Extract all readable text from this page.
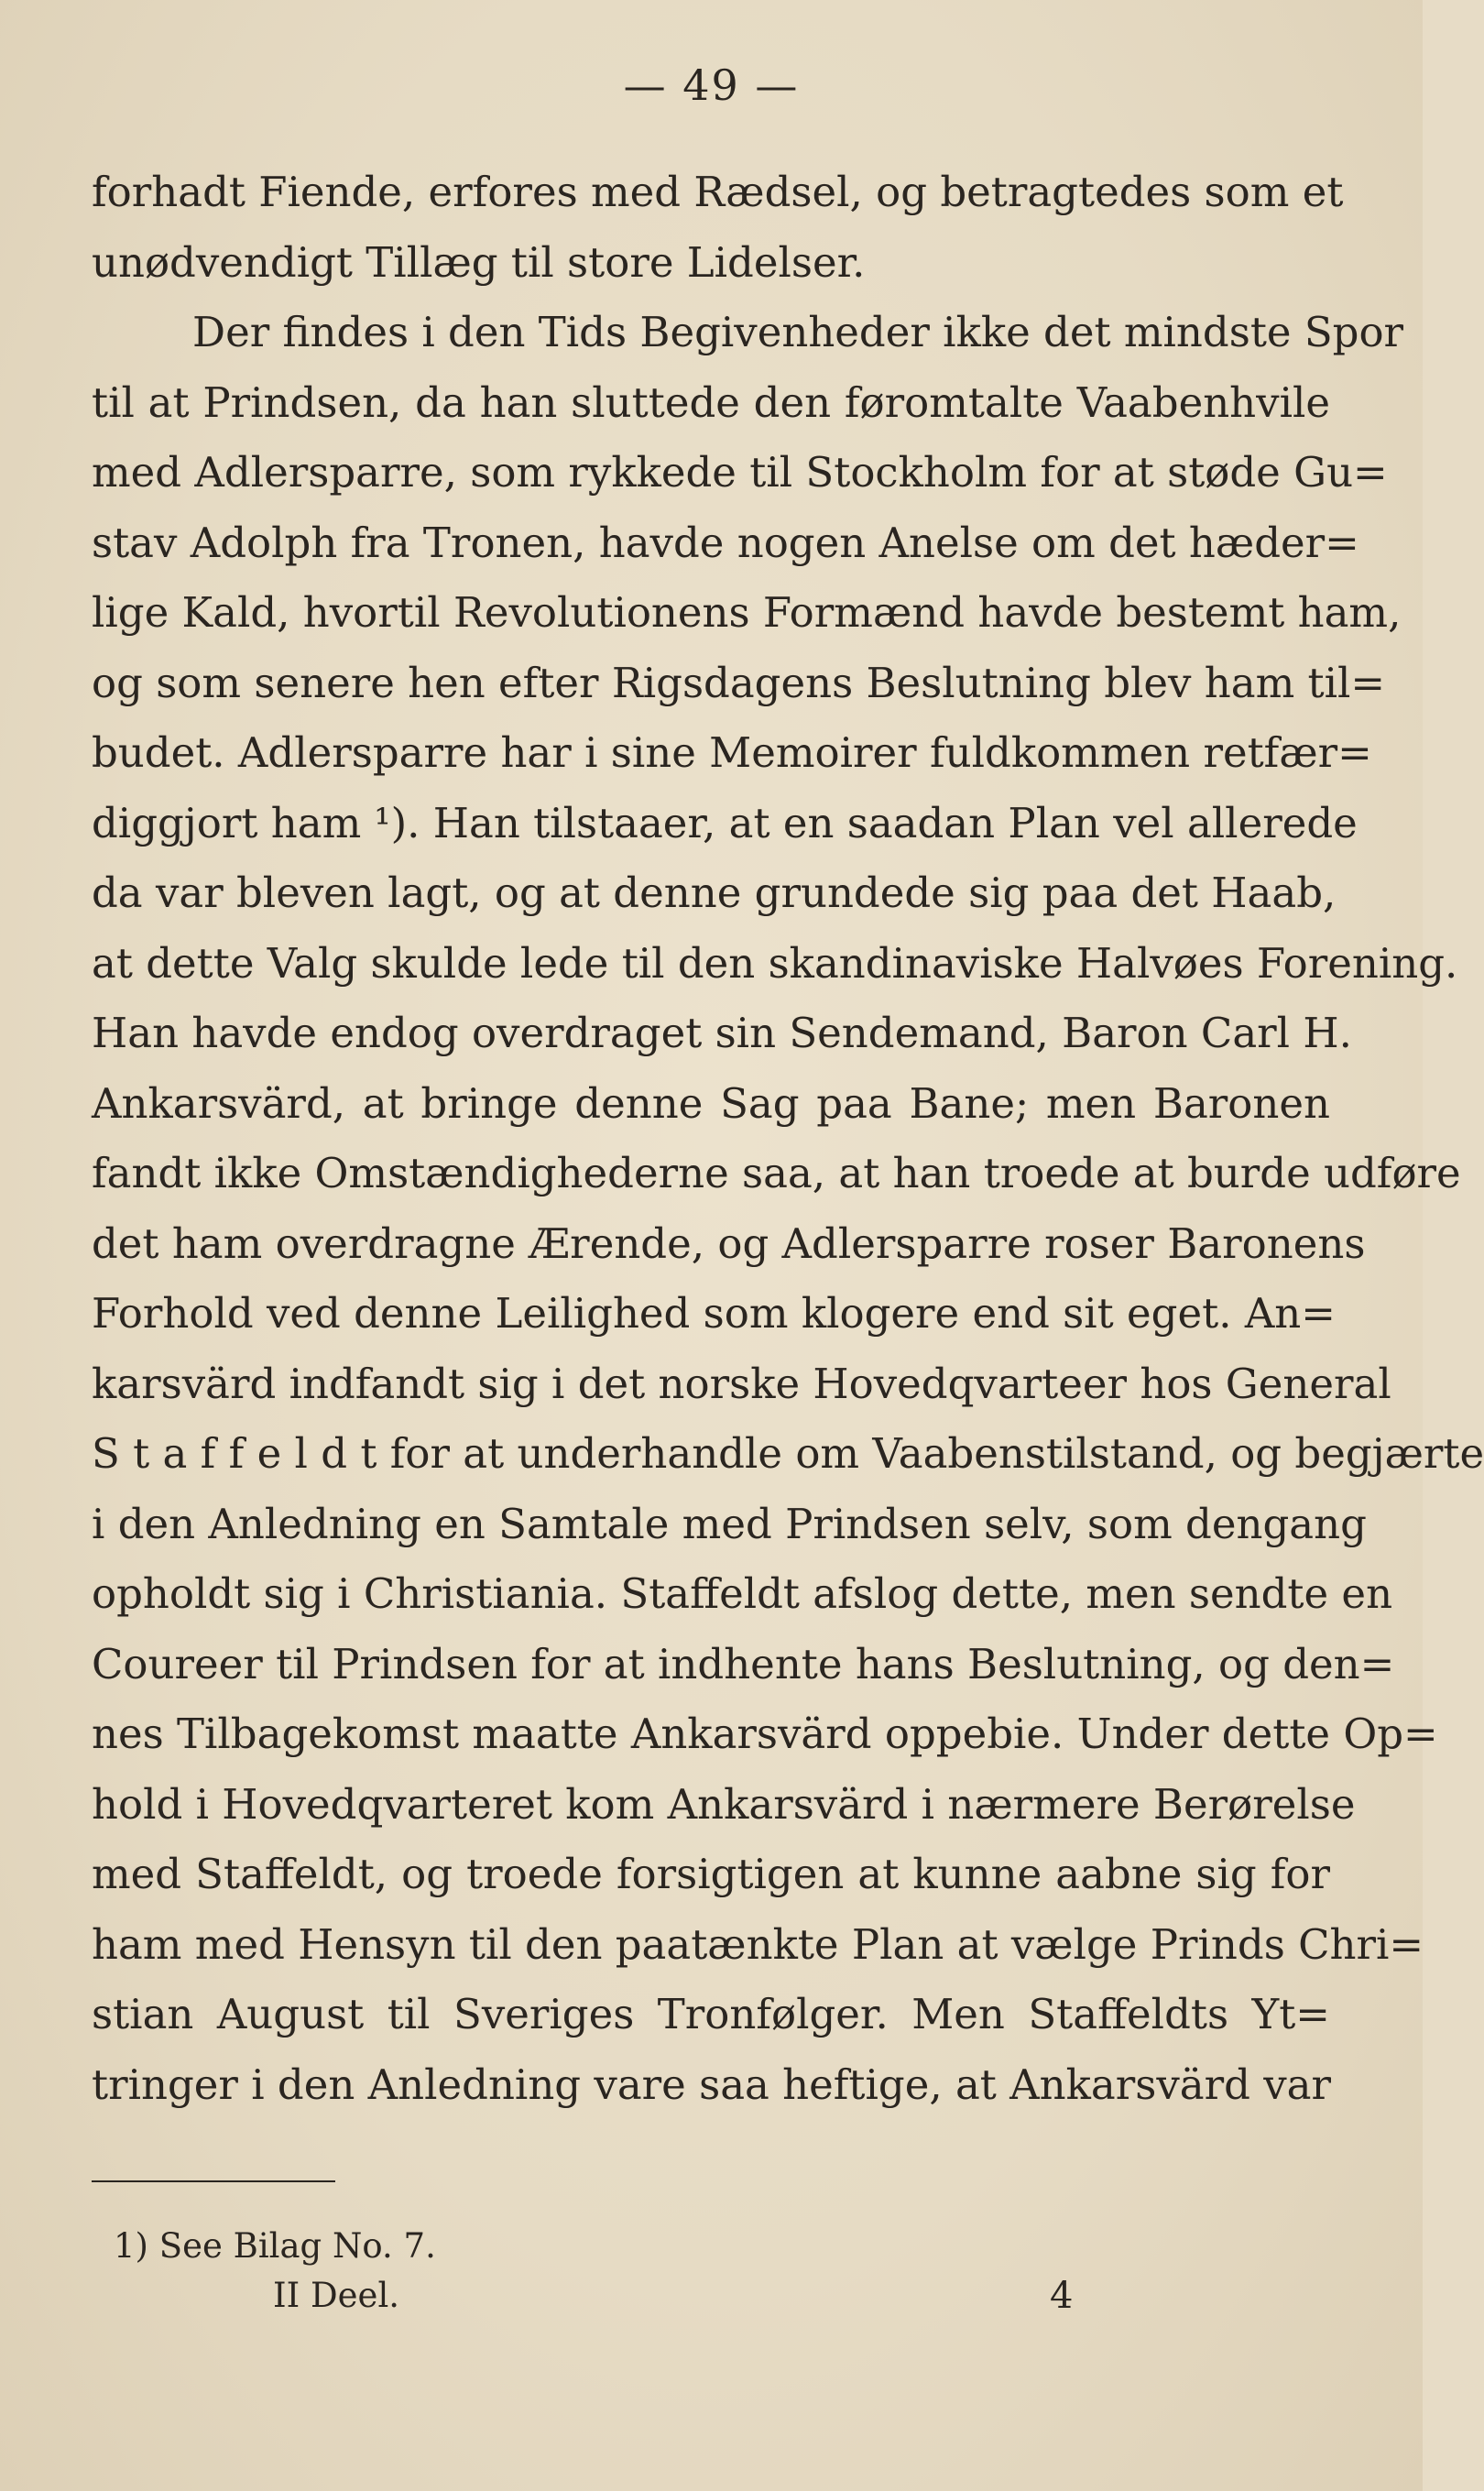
— 49 —
forhadt Fiende, erfores med Rædsel, og betragtedes som et
unødvendigt Tillæg til store Lidelser.
Der findes i den Tids Begivenheder ikke det mindste Spor
til at Prindsen, da han sluttede den føromtalte Vaabenhvile
med Adlersparre, som rykkede til Stockholm for at støde Gu=
stav Adolph fra Tronen, havde nogen Anelse om det hæder=
lige Kald, hvortil Revolutionens Formænd havde bestemt ham,
og som senere hen efter Rigsdagens Beslutning blev ham til=
budet. Adlersparre har i sine Memoirer fuldkommen retfær=
diggjort ham ¹). Han tilstaaer, at en saadan Plan vel allerede
da var bleven lagt, og at denne grundede sig paa det Haab,
at dette Valg skulde lede til den skandinaviske Halvøes Forening.
Han havde endog overdraget sin Sendemand, Baron Carl H.
Ankarsvärd, at bringe denne Sag paa Bane; men Baronen
fandt ikke Omstændighederne saa, at han troede at burde udføre
det ham overdragne Ærende, og Adlersparre roser Baronens
Forhold ved denne Leilighed som klogere end sit eget. An=
karsvärd indfandt sig i det norske Hovedqvarteer hos General
S t a f f e l d t for at underhandle om Vaabenstilstand, og begjærte
i den Anledning en Samtale med Prindsen selv, som dengang
opholdt sig i Christiania. Staffeldt afslog dette, men sendte en
Coureer til Prindsen for at indhente hans Beslutning, og den=
nes Tilbagekomst maatte Ankarsvärd oppebie. Under dette Op=
hold i Hovedqvarteret kom Ankarsvärd i nærmere Berørelse
med Staffeldt, og troede forsigtigen at kunne aabne sig for
ham med Hensyn til den paatænkte Plan at vælge Prinds Chri=
stian August til Sveriges Tronfølger. Men Staffeldts Yt=
tringer i den Anledning vare saa heftige, at Ankarsvärd var
1) See Bilag No. 7.
II Deel.	4
